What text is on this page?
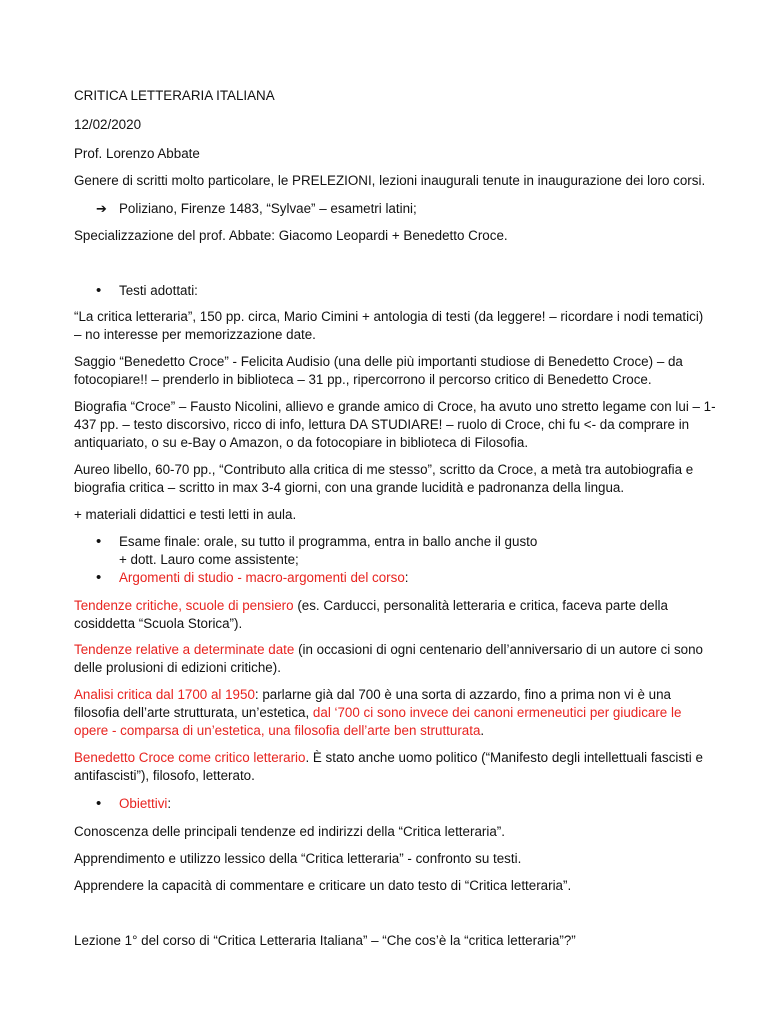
CRITICA LETTERARIA ITALIANA
12/02/2020
Prof. Lorenzo Abbate
Genere di scritti molto particolare, le PRELEZIONI, lezioni inaugurali tenute in inaugurazione dei loro corsi.
➔ Poliziano, Firenze 1483, “Sylvae” – esametri latini;
Specializzazione del prof. Abbate: Giacomo Leopardi + Benedetto Croce.
• Testi adottati:
“La critica letteraria”, 150 pp. circa, Mario Cimini + antologia di testi (da leggere! – ricordare i nodi tematici)
– no interesse per memorizzazione date.
Saggio “Benedetto Croce” - Felicita Audisio (una delle più importanti studiose di Benedetto Croce) – da
fotocopiare!! – prenderlo in biblioteca – 31 pp., ripercorrono il percorso critico di Benedetto Croce.
Biografia “Croce” – Fausto Nicolini, allievo e grande amico di Croce, ha avuto uno stretto legame con lui – 1-
437 pp. – testo discorsivo, ricco di info, lettura DA STUDIARE! – ruolo di Croce, chi fu <- da comprare in
antiquariato, o su e-Bay o Amazon, o da fotocopiare in biblioteca di Filosofia.
Aureo libello, 60-70 pp., “Contributo alla critica di me stesso”, scritto da Croce, a metà tra autobiografia e
biografia critica – scritto in max 3-4 giorni, con una grande lucidità e padronanza della lingua.
+ materiali didattici e testi letti in aula.
• Esame finale: orale, su tutto il programma, entra in ballo anche il gusto
+ dott. Lauro come assistente;
• Argomenti di studio - macro-argomenti del corso:
Tendenze critiche, scuole di pensiero (es. Carducci, personalità letteraria e critica, faceva parte della
cosiddetta “Scuola Storica”).
Tendenze relative a determinate date (in occasioni di ogni centenario dell’anniversario di un autore ci sono
delle prolusioni di edizioni critiche).
Analisi critica dal 1700 al 1950: parlarne già dal 700 è una sorta di azzardo, fino a prima non vi è una
filosofia dell’arte strutturata, un’estetica, dal ‘700 ci sono invece dei canoni ermeneutici per giudicare le
opere - comparsa di un’estetica, una filosofia dell’arte ben strutturata.
Benedetto Croce come critico letterario. È stato anche uomo politico (“Manifesto degli intellettuali fascisti e
antifascisti”), filosofo, letterato.
• Obiettivi:
Conoscenza delle principali tendenze ed indirizzi della “Critica letteraria”.
Apprendimento e utilizzo lessico della “Critica letteraria” - confronto su testi.
Apprendere la capacità di commentare e criticare un dato testo di “Critica letteraria”.
Lezione 1° del corso di “Critica Letteraria Italiana” – “Che cos’è la “critica letteraria”?”
